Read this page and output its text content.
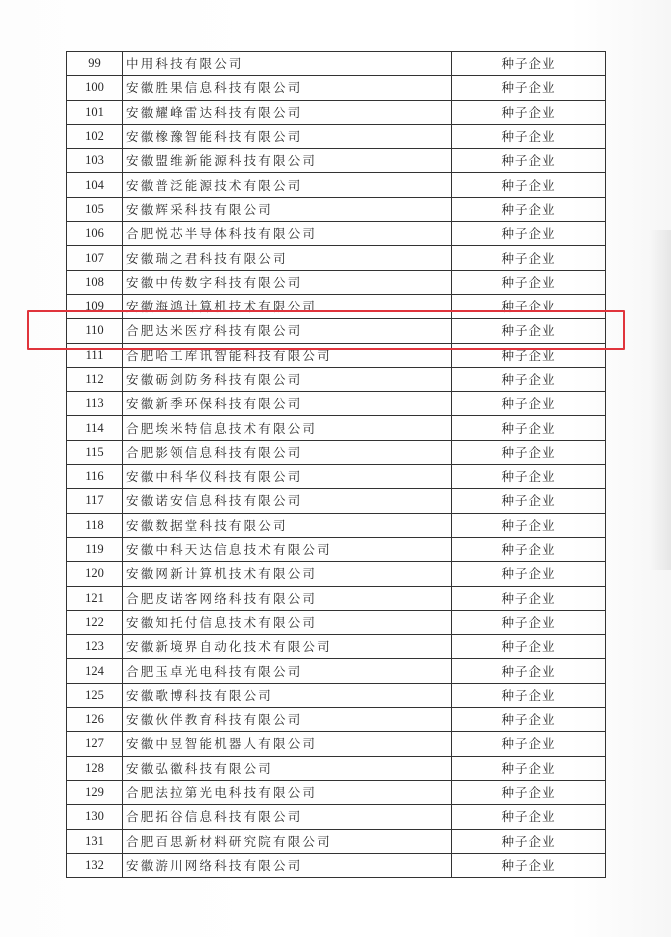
99	中用科技有限公司	种子企业
100	安徽胜果信息科技有限公司	种子企业
101	安徽耀峰雷达科技有限公司	种子企业
102	安徽橡豫智能科技有限公司	种子企业
103	安徽盟维新能源科技有限公司	种子企业
104	安徽普泛能源技术有限公司	种子企业
105	安徽辉采科技有限公司	种子企业
106	合肥悦芯半导体科技有限公司	种子企业
107	安徽瑞之君科技有限公司	种子企业
108	安徽中传数字科技有限公司	种子企业
109	安徽海鸿计算机技术有限公司	种子企业
110	合肥达米医疗科技有限公司	种子企业
111	合肥哈工库讯智能科技有限公司	种子企业
112	安徽砺剑防务科技有限公司	种子企业
113	安徽新季环保科技有限公司	种子企业
114	合肥埃米特信息技术有限公司	种子企业
115	合肥影领信息科技有限公司	种子企业
116	安徽中科华仪科技有限公司	种子企业
117	安徽诺安信息科技有限公司	种子企业
118	安徽数据堂科技有限公司	种子企业
119	安徽中科天达信息技术有限公司	种子企业
120	安徽网新计算机技术有限公司	种子企业
121	合肥皮诺客网络科技有限公司	种子企业
122	安徽知托付信息技术有限公司	种子企业
123	安徽新境界自动化技术有限公司	种子企业
124	合肥玉卓光电科技有限公司	种子企业
125	安徽歌博科技有限公司	种子企业
126	安徽伙伴教育科技有限公司	种子企业
127	安徽中昱智能机器人有限公司	种子企业
128	安徽弘徽科技有限公司	种子企业
129	合肥法拉第光电科技有限公司	种子企业
130	合肥拓谷信息科技有限公司	种子企业
131	合肥百思新材料研究院有限公司	种子企业
132	安徽游川网络科技有限公司	种子企业
